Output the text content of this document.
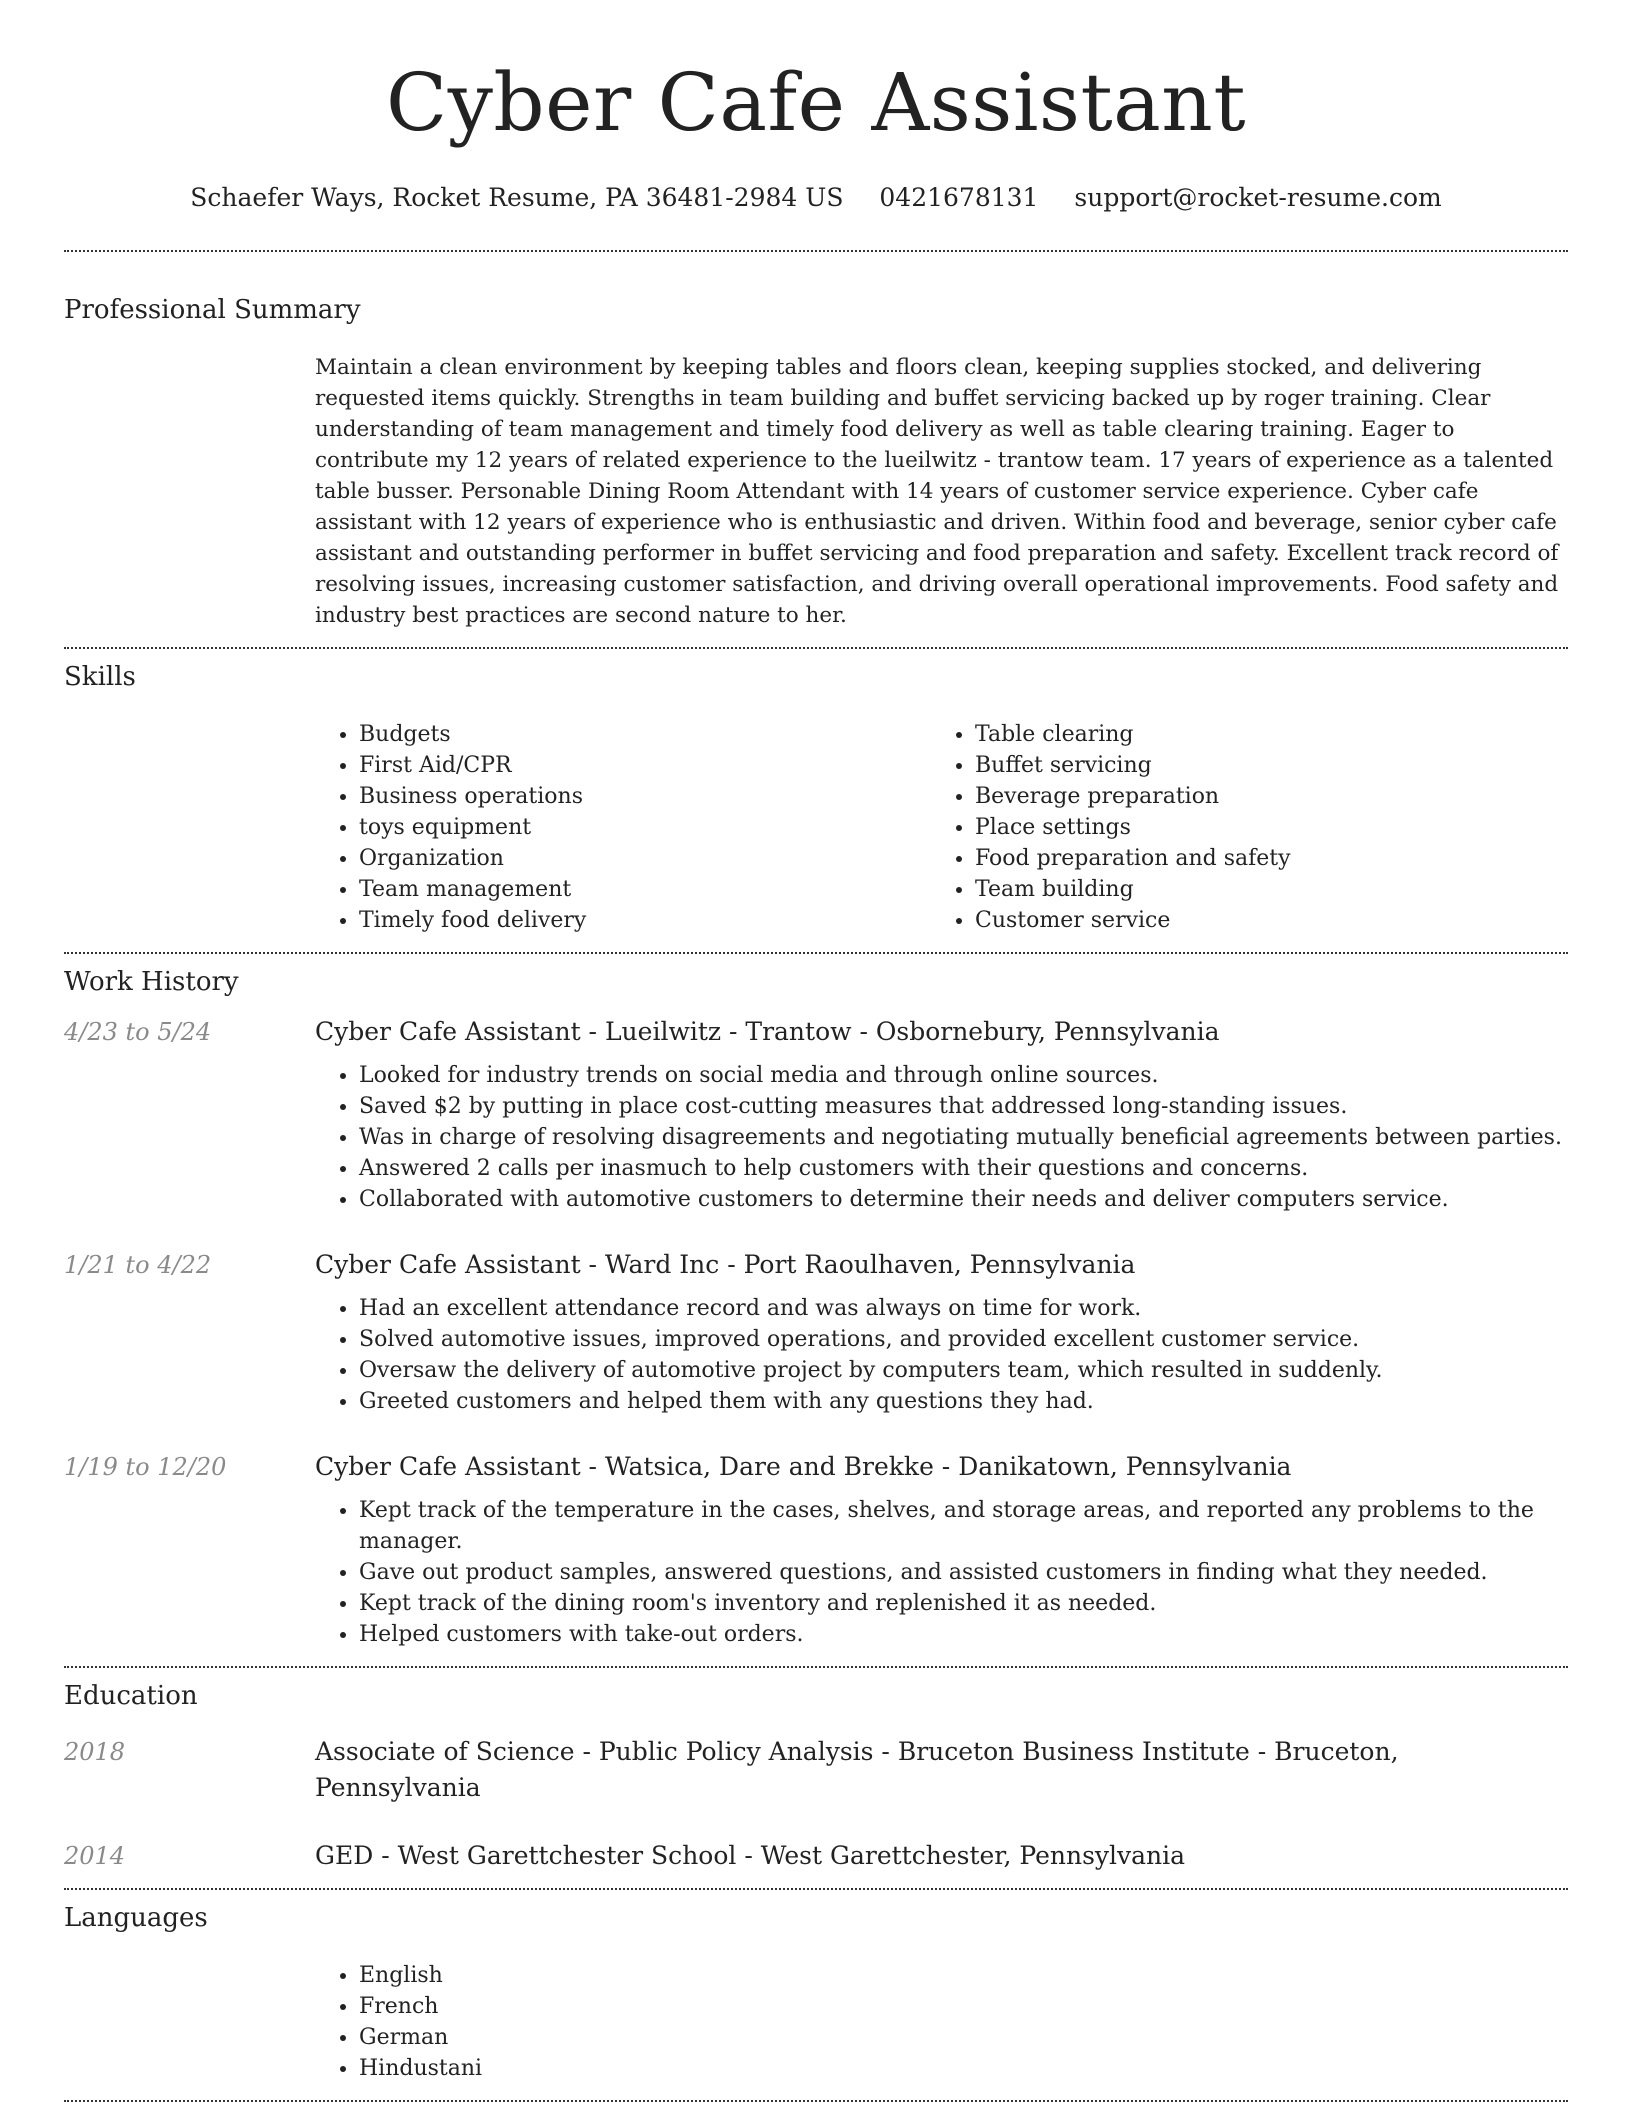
Cyber Cafe Assistant
Schaefer Ways, Rocket Resume, PA 36481-2984 US 0421678131 support@rocket-resume.com
Professional Summary

Maintain a clean environment by keeping tables and floors clean, keeping supplies stocked, and delivering requested items quickly. Strengths in team building and buffet servicing backed up by roger training. Clear understanding of team management and timely food delivery as well as table clearing training. Eager to contribute my 12 years of related experience to the lueilwitz - trantow team. 17 years of experience as a talented table busser. Personable Dining Room Attendant with 14 years of customer service experience. Cyber cafe assistant with 12 years of experience who is enthusiastic and driven. Within food and beverage, senior cyber cafe assistant and outstanding performer in buffet servicing and food preparation and safety. Excellent track record of resolving issues, increasing customer satisfaction, and driving overall operational improvements. Food safety and industry best practices are second nature to her.

Skills
• Budgets
• First Aid/CPR
• Business operations
• toys equipment
• Organization
• Team management
• Timely food delivery
• Table clearing
• Buffet servicing
• Beverage preparation
• Place settings
• Food preparation and safety
• Team building
• Customer service
Work History
4/23 to 5/24	Cyber Cafe Assistant - Lueilwitz - Trantow - Osbornebury, Pennsylvania
• Looked for industry trends on social media and through online sources.
• Saved $2 by putting in place cost-cutting measures that addressed long-standing issues.
• Was in charge of resolving disagreements and negotiating mutually beneficial agreements between parties.
• Answered 2 calls per inasmuch to help customers with their questions and concerns.
• Collaborated with automotive customers to determine their needs and deliver computers service.
1/21 to 4/22	Cyber Cafe Assistant - Ward Inc - Port Raoulhaven, Pennsylvania
• Had an excellent attendance record and was always on time for work.
• Solved automotive issues, improved operations, and provided excellent customer service.
• Oversaw the delivery of automotive project by computers team, which resulted in suddenly.
• Greeted customers and helped them with any questions they had.
1/19 to 12/20	Cyber Cafe Assistant - Watsica, Dare and Brekke - Danikatown, Pennsylvania
• Kept track of the temperature in the cases, shelves, and storage areas, and reported any problems to the manager.
• Gave out product samples, answered questions, and assisted customers in finding what they needed.
• Kept track of the dining room's inventory and replenished it as needed.
• Helped customers with take-out orders.
Education
2018	Associate of Science - Public Policy Analysis - Bruceton Business Institute - Bruceton, Pennsylvania
2014	GED - West Garettchester School - West Garettchester, Pennsylvania
Languages
• English
• French
• German
• Hindustani
